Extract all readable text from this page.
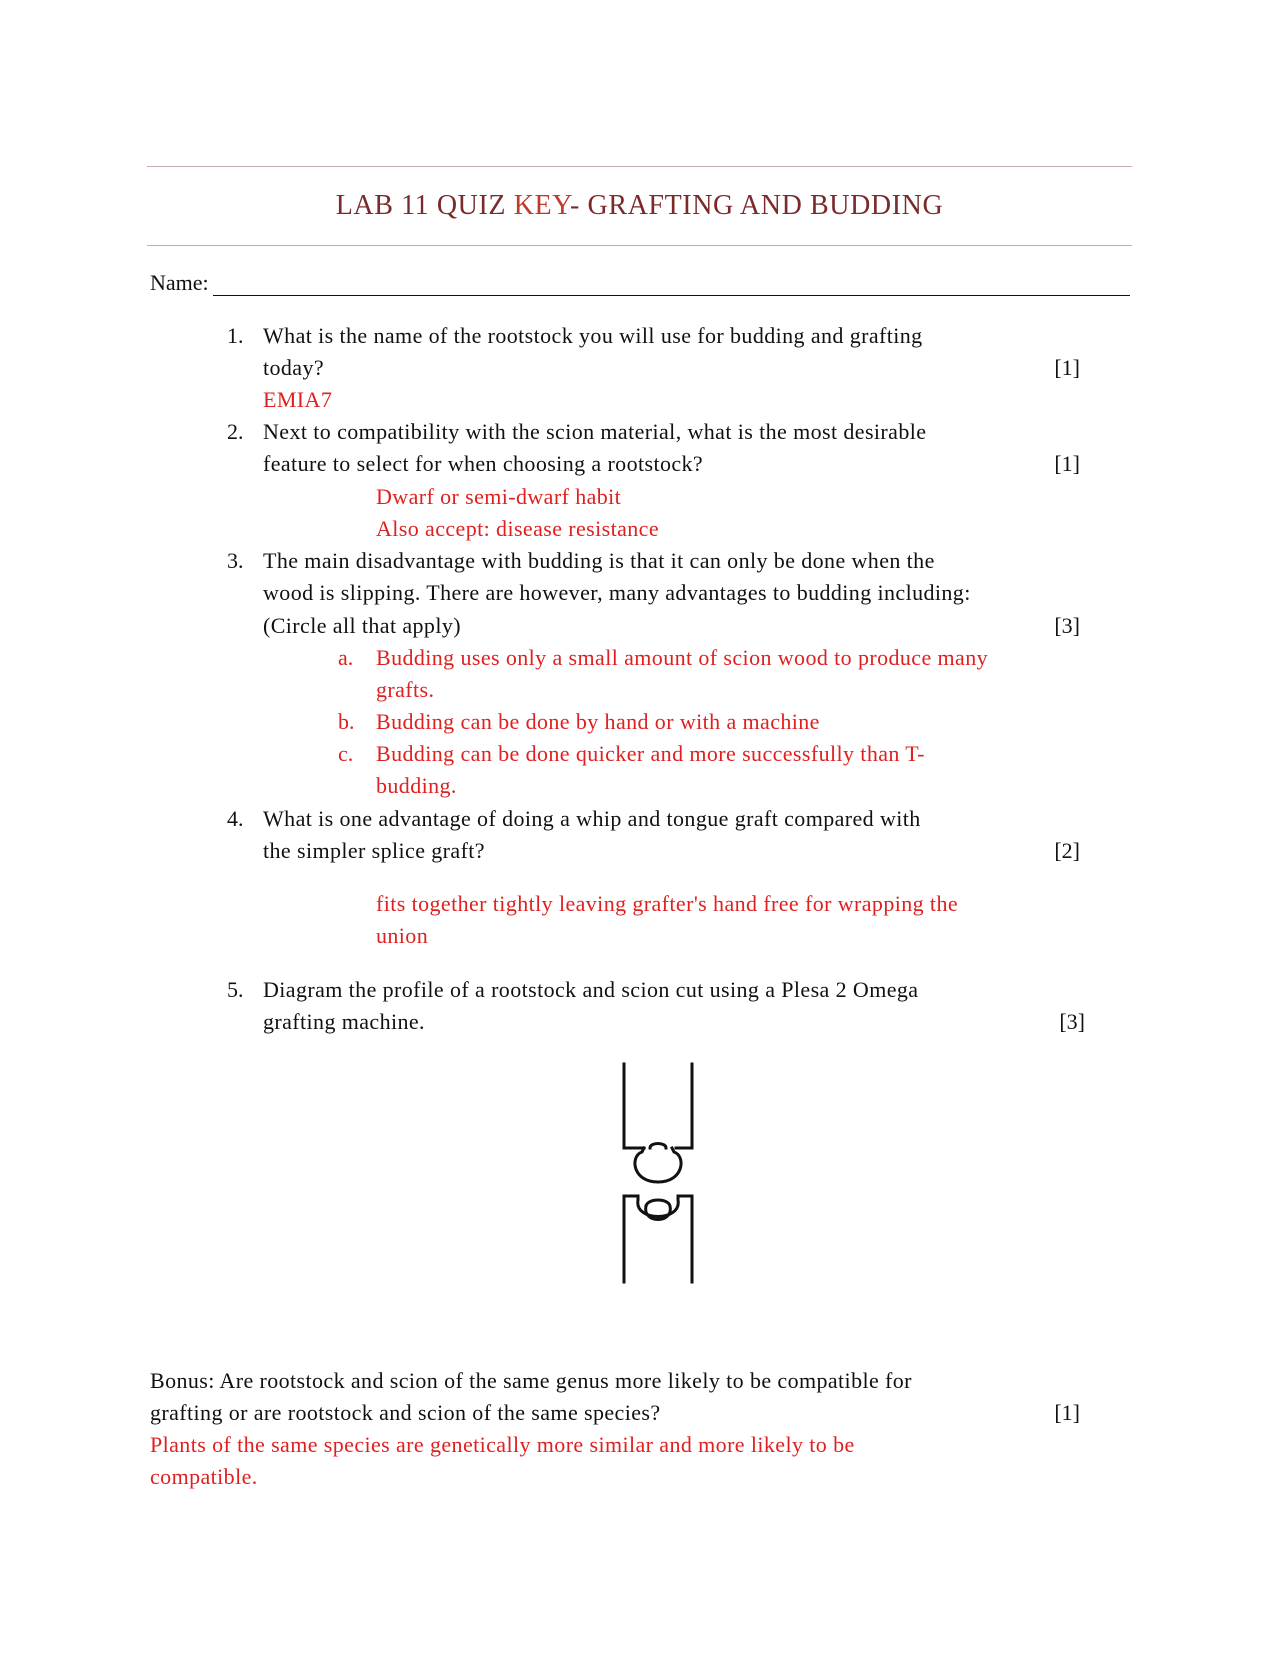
LAB 11 QUIZ KEY- GRAFTING AND BUDDING
Name:
1. What is the name of the rootstock you will use for budding and grafting
today?	[1]
EMIA7
2. Next to compatibility with the scion material, what is the most desirable
feature to select for when choosing a rootstock?	[1]
Dwarf or semi-dwarf habit
Also accept: disease resistance
3. The main disadvantage with budding is that it can only be done when the
wood is slipping. There are however, many advantages to budding including:
(Circle all that apply)	[3]
a. Budding uses only a small amount of scion wood to produce many
grafts.
b. Budding can be done by hand or with a machine
c. Budding can be done quicker and more successfully than T-
budding.
4. What is one advantage of doing a whip and tongue graft compared with
the simpler splice graft?	[2]
fits together tightly leaving grafter's hand free for wrapping the
union
5. Diagram the profile of a rootstock and scion cut using a Plesa 2 Omega
grafting machine.	[3]
Bonus: Are rootstock and scion of the same genus more likely to be compatible for
grafting or are rootstock and scion of the same species?	[1]
Plants of the same species are genetically more similar and more likely to be
compatible.
